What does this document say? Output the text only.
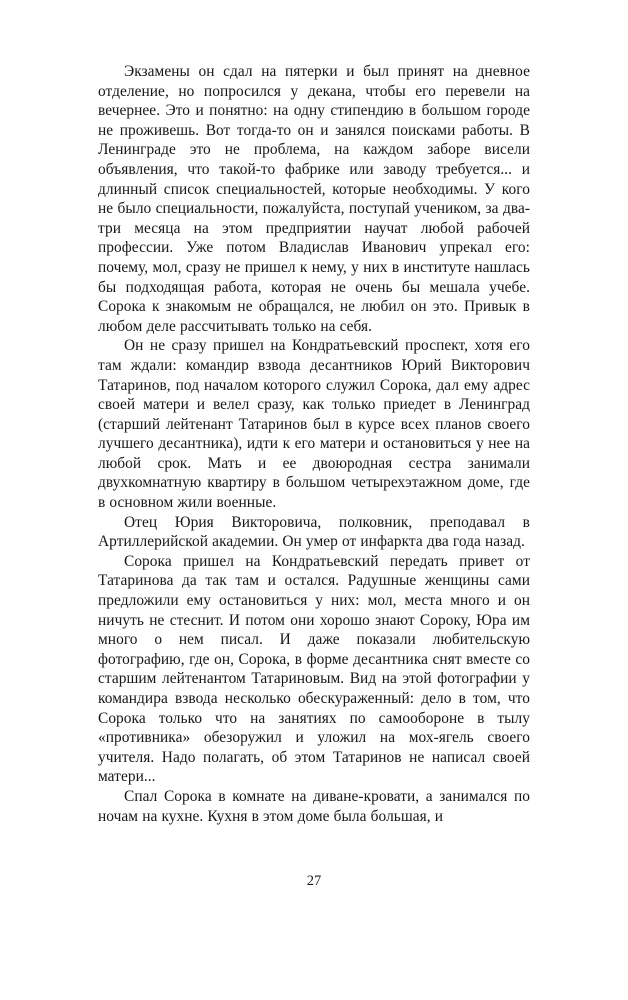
Экзамены он сдал на пятерки и был принят на дневное отделение, но попросился у декана, чтобы его перевели на вечернее. Это и понятно: на одну стипендию в большом городе не проживешь. Вот тогда-то он и занялся поисками работы. В Ленинграде это не проблема, на каждом заборе висели объявления, что такой-то фабрике или заводу требуется... и длинный список специальностей, которые необходимы. У кого не было специальности, пожалуйста, поступай учеником, за два-три месяца на этом предприятии научат любой рабочей профессии. Уже потом Владислав Иванович упрекал его: почему, мол, сразу не пришел к нему, у них в институте нашлась бы подходящая работа, которая не очень бы мешала учебе. Сорока к знакомым не обращался, не любил он это. Привык в любом деле рассчитывать только на себя.

Он не сразу пришел на Кондратьевский проспект, хотя его там ждали: командир взвода десантников Юрий Викторович Татаринов, под началом которого служил Сорока, дал ему адрес своей матери и велел сразу, как только приедет в Ленинград (старший лейтенант Татаринов был в курсе всех планов своего лучшего десантника), идти к его матери и остановиться у нее на любой срок. Мать и ее двоюродная сестра занимали двухкомнатную квартиру в большом четырехэтажном доме, где в основном жили военные.

Отец Юрия Викторовича, полковник, преподавал в Артиллерийской академии. Он умер от инфаркта два года назад.

Сорока пришел на Кондратьевский передать привет от Татаринова да так там и остался. Радушные женщины сами предложили ему остановиться у них: мол, места много и он ничуть не стеснит. И потом они хорошо знают Сороку, Юра им много о нем писал. И даже показали любительскую фотографию, где он, Сорока, в форме десантника снят вместе со старшим лейтенантом Татариновым. Вид на этой фотографии у командира взвода несколько обескураженный: дело в том, что Сорока только что на занятиях по самообороне в тылу «противника» обезоружил и уложил на мох-ягель своего учителя. Надо полагать, об этом Татаринов не написал своей матери...

Спал Сорока в комнате на диване-кровати, а занимался по ночам на кухне. Кухня в этом доме была большая, и

27
